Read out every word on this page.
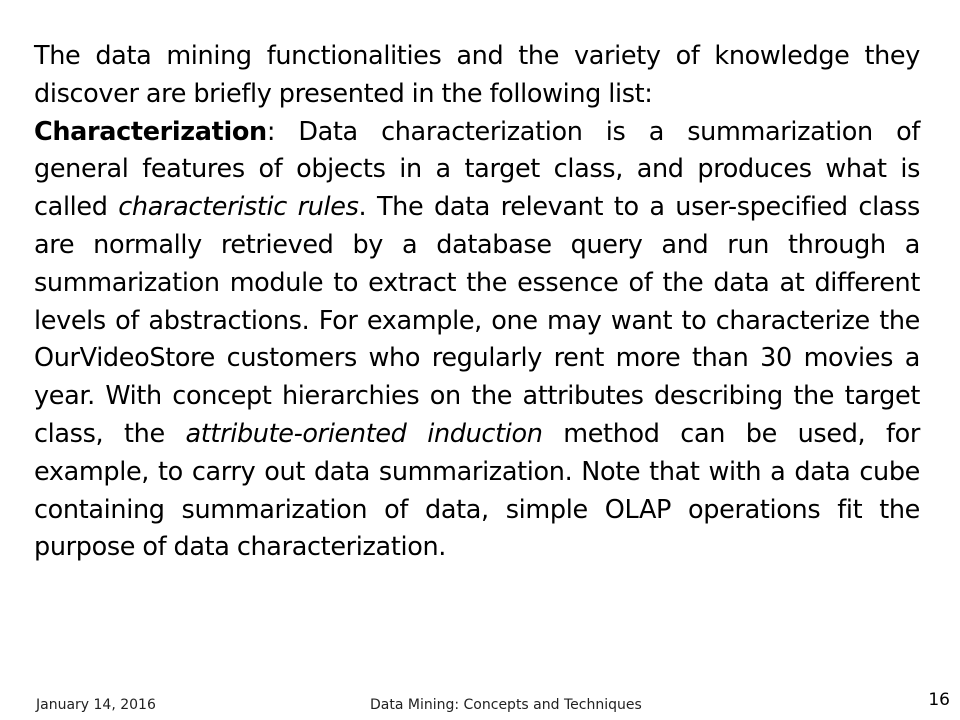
The data mining functionalities and the variety of knowledge they discover are briefly presented in the following list:

Characterization: Data characterization is a summarization of general features of objects in a target class, and produces what is called characteristic rules. The data relevant to a user-specified class are normally retrieved by a database query and run through a summarization module to extract the essence of the data at different levels of abstractions. For example, one may want to characterize the OurVideoStore customers who regularly rent more than 30 movies a year. With concept hierarchies on the attributes describing the target class, the attribute-oriented induction method can be used, for example, to carry out data summarization. Note that with a data cube containing summarization of data, simple OLAP operations fit the purpose of data characterization.

January 14, 2016	Data Mining: Concepts and Techniques	16
